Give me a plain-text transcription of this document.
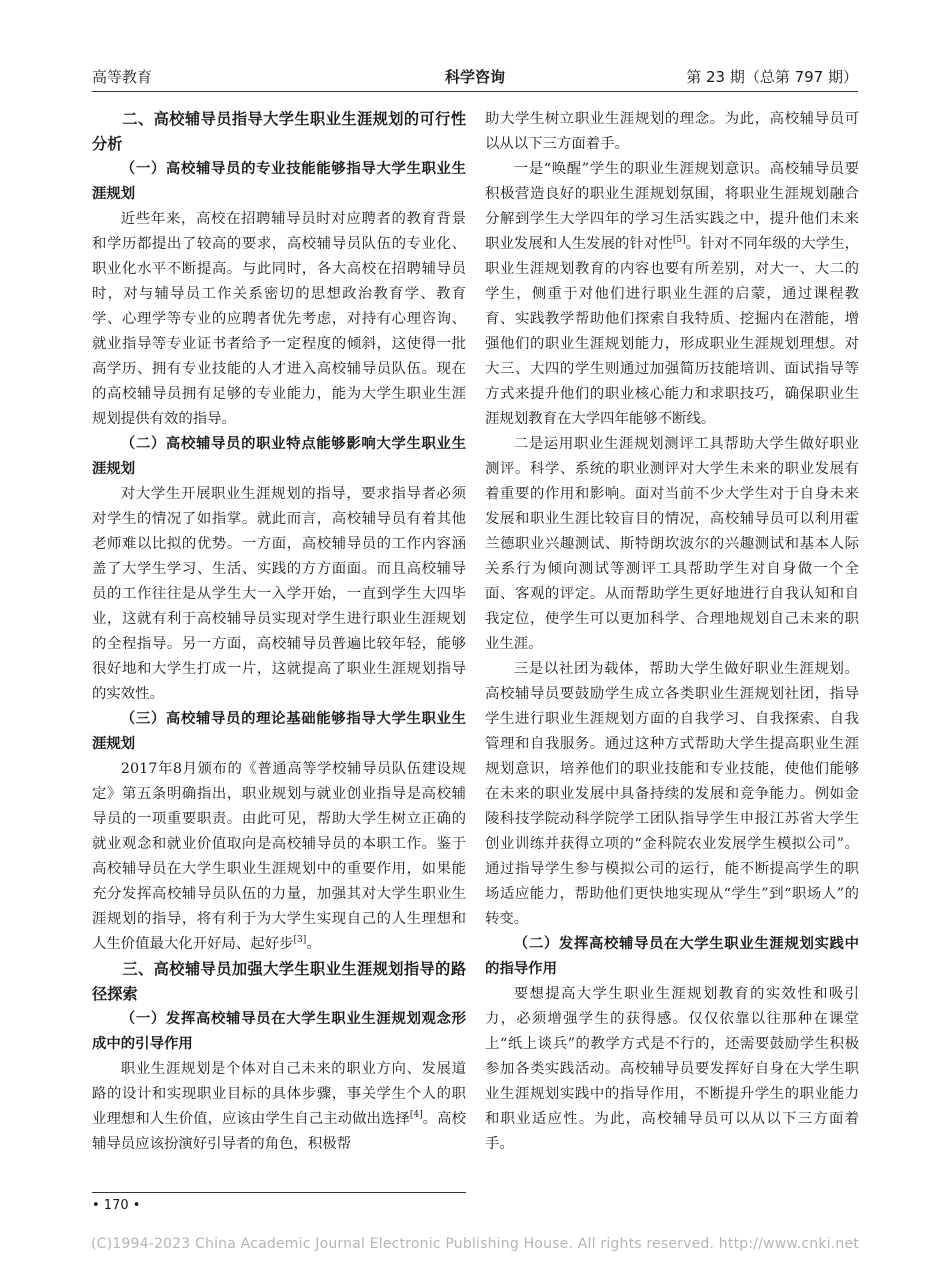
高等教育	科学咨询	第 23 期（总第 797 期）
二、高校辅导员指导大学生职业生涯规划的可行性分析
（一）高校辅导员的专业技能能够指导大学生职业生涯规划

近些年来，高校在招聘辅导员时对应聘者的教育背景和学历都提出了较高的要求，高校辅导员队伍的专业化、职业化水平不断提高。与此同时，各大高校在招聘辅导员时，对与辅导员工作关系密切的思想政治教育学、教育学、心理学等专业的应聘者优先考虑，对持有心理咨询、就业指导等专业证书者给予一定程度的倾斜，这使得一批高学历、拥有专业技能的人才进入高校辅导员队伍。现在的高校辅导员拥有足够的专业能力，能为大学生职业生涯规划提供有效的指导。

（二）高校辅导员的职业特点能够影响大学生职业生涯规划

对大学生开展职业生涯规划的指导，要求指导者必须对学生的情况了如指掌。就此而言，高校辅导员有着其他老师难以比拟的优势。一方面，高校辅导员的工作内容涵盖了大学生学习、生活、实践的方方面面。而且高校辅导员的工作往往是从学生大一入学开始，一直到学生大四毕业，这就有利于高校辅导员实现对学生进行职业生涯规划的全程指导。另一方面，高校辅导员普遍比较年轻，能够很好地和大学生打成一片，这就提高了职业生涯规划指导的实效性。

（三）高校辅导员的理论基础能够指导大学生职业生涯规划

2017年8月颁布的《普通高等学校辅导员队伍建设规定》第五条明确指出，职业规划与就业创业指导是高校辅导员的一项重要职责。由此可见，帮助大学生树立正确的就业观念和就业价值取向是高校辅导员的本职工作。鉴于高校辅导员在大学生职业生涯规划中的重要作用，如果能充分发挥高校辅导员队伍的力量，加强其对大学生职业生涯规划的指导，将有利于为大学生实现自己的人生理想和人生价值最大化开好局、起好步[3]。

三、高校辅导员加强大学生职业生涯规划指导的路径探索
（一）发挥高校辅导员在大学生职业生涯规划观念形成中的引导作用

职业生涯规划是个体对自己未来的职业方向、发展道路的设计和实现职业目标的具体步骤，事关学生个人的职业理想和人生价值，应该由学生自己主动做出选择[4]。高校辅导员应该扮演好引导者的角色，积极帮

助大学生树立职业生涯规划的理念。为此，高校辅导员可以从以下三方面着手。

一是“唤醒”学生的职业生涯规划意识。高校辅导员要积极营造良好的职业生涯规划氛围，将职业生涯规划融合分解到学生大学四年的学习生活实践之中，提升他们未来职业发展和人生发展的针对性[5]。针对不同年级的大学生，职业生涯规划教育的内容也要有所差别，对大一、大二的学生，侧重于对他们进行职业生涯的启蒙，通过课程教育、实践教学帮助他们探索自我特质、挖掘内在潜能，增强他们的职业生涯规划能力，形成职业生涯规划理想。对大三、大四的学生则通过加强简历技能培训、面试指导等方式来提升他们的职业核心能力和求职技巧，确保职业生涯规划教育在大学四年能够不断线。

二是运用职业生涯规划测评工具帮助大学生做好职业测评。科学、系统的职业测评对大学生未来的职业发展有着重要的作用和影响。面对当前不少大学生对于自身未来发展和职业生涯比较盲目的情况，高校辅导员可以利用霍兰德职业兴趣测试、斯特朗坎波尔的兴趣测试和基本人际关系行为倾向测试等测评工具帮助学生对自身做一个全面、客观的评定。从而帮助学生更好地进行自我认知和自我定位，使学生可以更加科学、合理地规划自己未来的职业生涯。

三是以社团为载体，帮助大学生做好职业生涯规划。高校辅导员要鼓励学生成立各类职业生涯规划社团，指导学生进行职业生涯规划方面的自我学习、自我探索、自我管理和自我服务。通过这种方式帮助大学生提高职业生涯规划意识，培养他们的职业技能和专业技能，使他们能够在未来的职业发展中具备持续的发展和竞争能力。例如金陵科技学院动科学院学工团队指导学生申报江苏省大学生创业训练并获得立项的“金科院农业发展学生模拟公司”。通过指导学生参与模拟公司的运行，能不断提高学生的职场适应能力，帮助他们更快地实现从“学生”到“职场人”的转变。

（二）发挥高校辅导员在大学生职业生涯规划实践中的指导作用

要想提高大学生职业生涯规划教育的实效性和吸引力，必须增强学生的获得感。仅仅依靠以往那种在课堂上“纸上谈兵”的教学方式是不行的，还需要鼓励学生积极参加各类实践活动。高校辅导员要发挥好自身在大学生职业生涯规划实践中的指导作用，不断提升学生的职业能力和职业适应性。为此，高校辅导员可以从以下三方面着手。

• 170 •
(C)1994-2023 China Academic Journal Electronic Publishing House. All rights reserved. http://www.cnki.net
